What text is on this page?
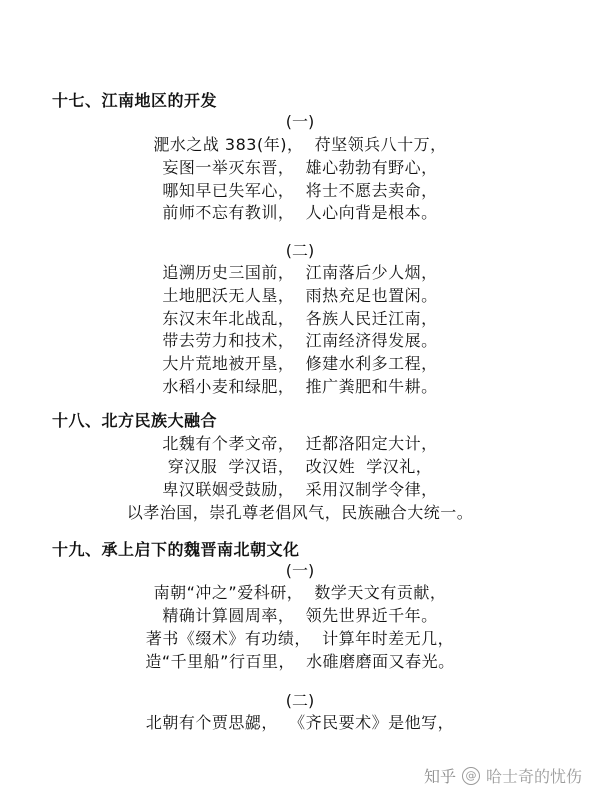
十七、江南地区的开发
(一)
淝水之战 383(年)，  苻坚领兵八十万，
妄图一举灭东晋，  雄心勃勃有野心，
哪知早已失军心，  将士不愿去卖命，
前师不忘有教训，  人心向背是根本。
(二)
追溯历史三国前，  江南落后少人烟，
土地肥沃无人垦，  雨热充足也置闲。
东汉末年北战乱，  各族人民迁江南，
带去劳力和技术，  江南经济得发展。
大片荒地被开垦，  修建水利多工程，
水稻小麦和绿肥，  推广粪肥和牛耕。
十八、北方民族大融合
北魏有个孝文帝，  迁都洛阳定大计，
穿汉服  学汉语，  改汉姓  学汉礼，
卑汉联姻受鼓励，  采用汉制学令律，
以孝治国，崇孔尊老倡风气，民族融合大统一。
十九、承上启下的魏晋南北朝文化
(一)
南朝“冲之”爱科研，  数学天文有贡献，
精确计算圆周率，  领先世界近千年。
著书《缀术》有功绩，  计算年时差无几，
造“千里船”行百里，  水碓磨磨面又春光。
(二)
北朝有个贾思勰，  《齐民要术》是他写，
知乎 @ 哈士奇的忧伤
